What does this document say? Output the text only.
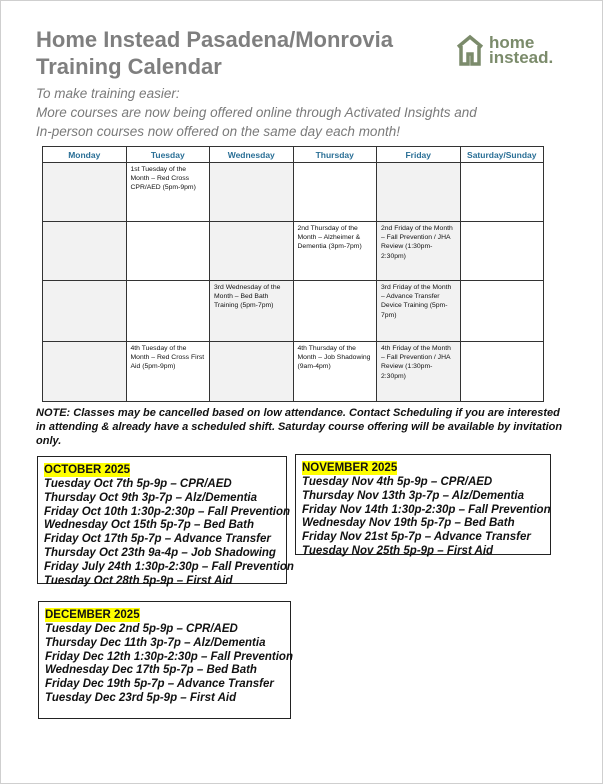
Home Instead Pasadena/Monrovia
Training Calendar
home
instead.
To make training easier:
More courses are now being offered online through Activated Insights and
In-person courses now offered on the same day each month!
Monday	Tuesday	Wednesday	Thursday	Friday	Saturday/Sunday
	1st Tuesday of the Month – Red Cross CPR/AED (5pm-9pm)				
			2nd Thursday of the Month – Alzheimer & Dementia (3pm-7pm)	2nd Friday of the Month – Fall Prevention / JHA Review (1:30pm-2:30pm)	
		3rd Wednesday of the Month – Bed Bath Training (5pm-7pm)		3rd Friday of the Month – Advance Transfer Device Training (5pm-7pm)	
	4th Tuesday of the Month – Red Cross First Aid (5pm-9pm)		4th Thursday of the Month – Job Shadowing (9am-4pm)	4th Friday of the Month – Fall Prevention / JHA Review (1:30pm-2:30pm)	
NOTE: Classes may be cancelled based on low attendance. Contact Scheduling if you are interested in attending & already have a scheduled shift. Saturday course offering will be available by invitation only.
OCTOBER 2025
Tuesday Oct 7th 5p-9p – CPR/AED
Thursday Oct 9th 3p-7p – Alz/Dementia
Friday Oct 10th 1:30p-2:30p – Fall Prevention
Wednesday Oct 15th 5p-7p – Bed Bath
Friday Oct 17th 5p-7p – Advance Transfer
Thursday Oct 23th 9a-4p – Job Shadowing
Friday July 24th 1:30p-2:30p – Fall Prevention
Tuesday Oct 28th 5p-9p – First Aid
NOVEMBER 2025
Tuesday Nov 4th 5p-9p – CPR/AED
Thursday Nov 13th 3p-7p – Alz/Dementia
Friday Nov 14th 1:30p-2:30p – Fall Prevention
Wednesday Nov 19th 5p-7p – Bed Bath
Friday Nov 21st 5p-7p – Advance Transfer
Tuesday Nov 25th 5p-9p – First Aid
DECEMBER 2025
Tuesday Dec 2nd 5p-9p – CPR/AED
Thursday Dec 11th 3p-7p – Alz/Dementia
Friday Dec 12th 1:30p-2:30p – Fall Prevention
Wednesday Dec 17th 5p-7p – Bed Bath
Friday Dec 19th 5p-7p – Advance Transfer
Tuesday Dec 23rd 5p-9p – First Aid
